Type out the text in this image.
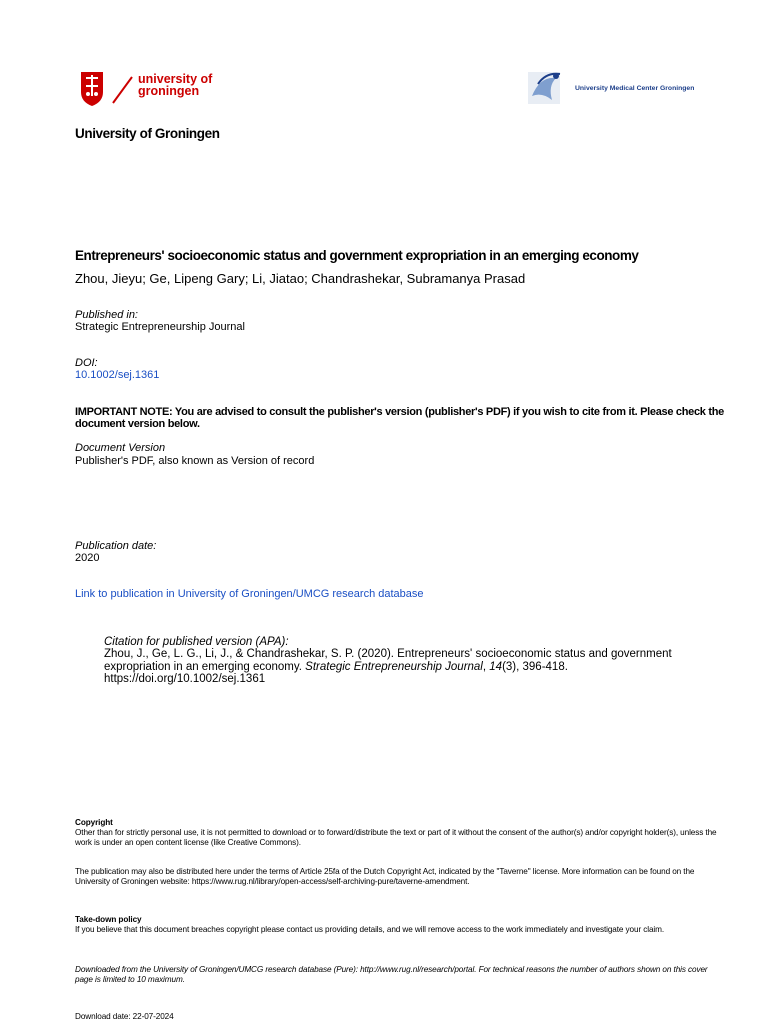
university of
groningen	University Medical Center Groningen
University of Groningen
Entrepreneurs' socioeconomic status and government expropriation in an emerging economy
Zhou, Jieyu; Ge, Lipeng Gary; Li, Jiatao; Chandrashekar, Subramanya Prasad
Published in:
Strategic Entrepreneurship Journal
DOI:
10.1002/sej.1361
IMPORTANT NOTE: You are advised to consult the publisher's version (publisher's PDF) if you wish to cite from it. Please check the document version below.
Document Version
Publisher's PDF, also known as Version of record
Publication date:
2020
Link to publication in University of Groningen/UMCG research database
Citation for published version (APA):
Zhou, J., Ge, L. G., Li, J., & Chandrashekar, S. P. (2020). Entrepreneurs' socioeconomic status and government expropriation in an emerging economy. Strategic Entrepreneurship Journal, 14(3), 396-418. https://doi.org/10.1002/sej.1361
Copyright
Other than for strictly personal use, it is not permitted to download or to forward/distribute the text or part of it without the consent of the author(s) and/or copyright holder(s), unless the work is under an open content license (like Creative Commons).
The publication may also be distributed here under the terms of Article 25fa of the Dutch Copyright Act, indicated by the "Taverne" license. More information can be found on the University of Groningen website: https://www.rug.nl/library/open-access/self-archiving-pure/taverne-amendment.
Take-down policy
If you believe that this document breaches copyright please contact us providing details, and we will remove access to the work immediately and investigate your claim.
Downloaded from the University of Groningen/UMCG research database (Pure): http://www.rug.nl/research/portal. For technical reasons the number of authors shown on this cover page is limited to 10 maximum.
Download date: 22-07-2024
